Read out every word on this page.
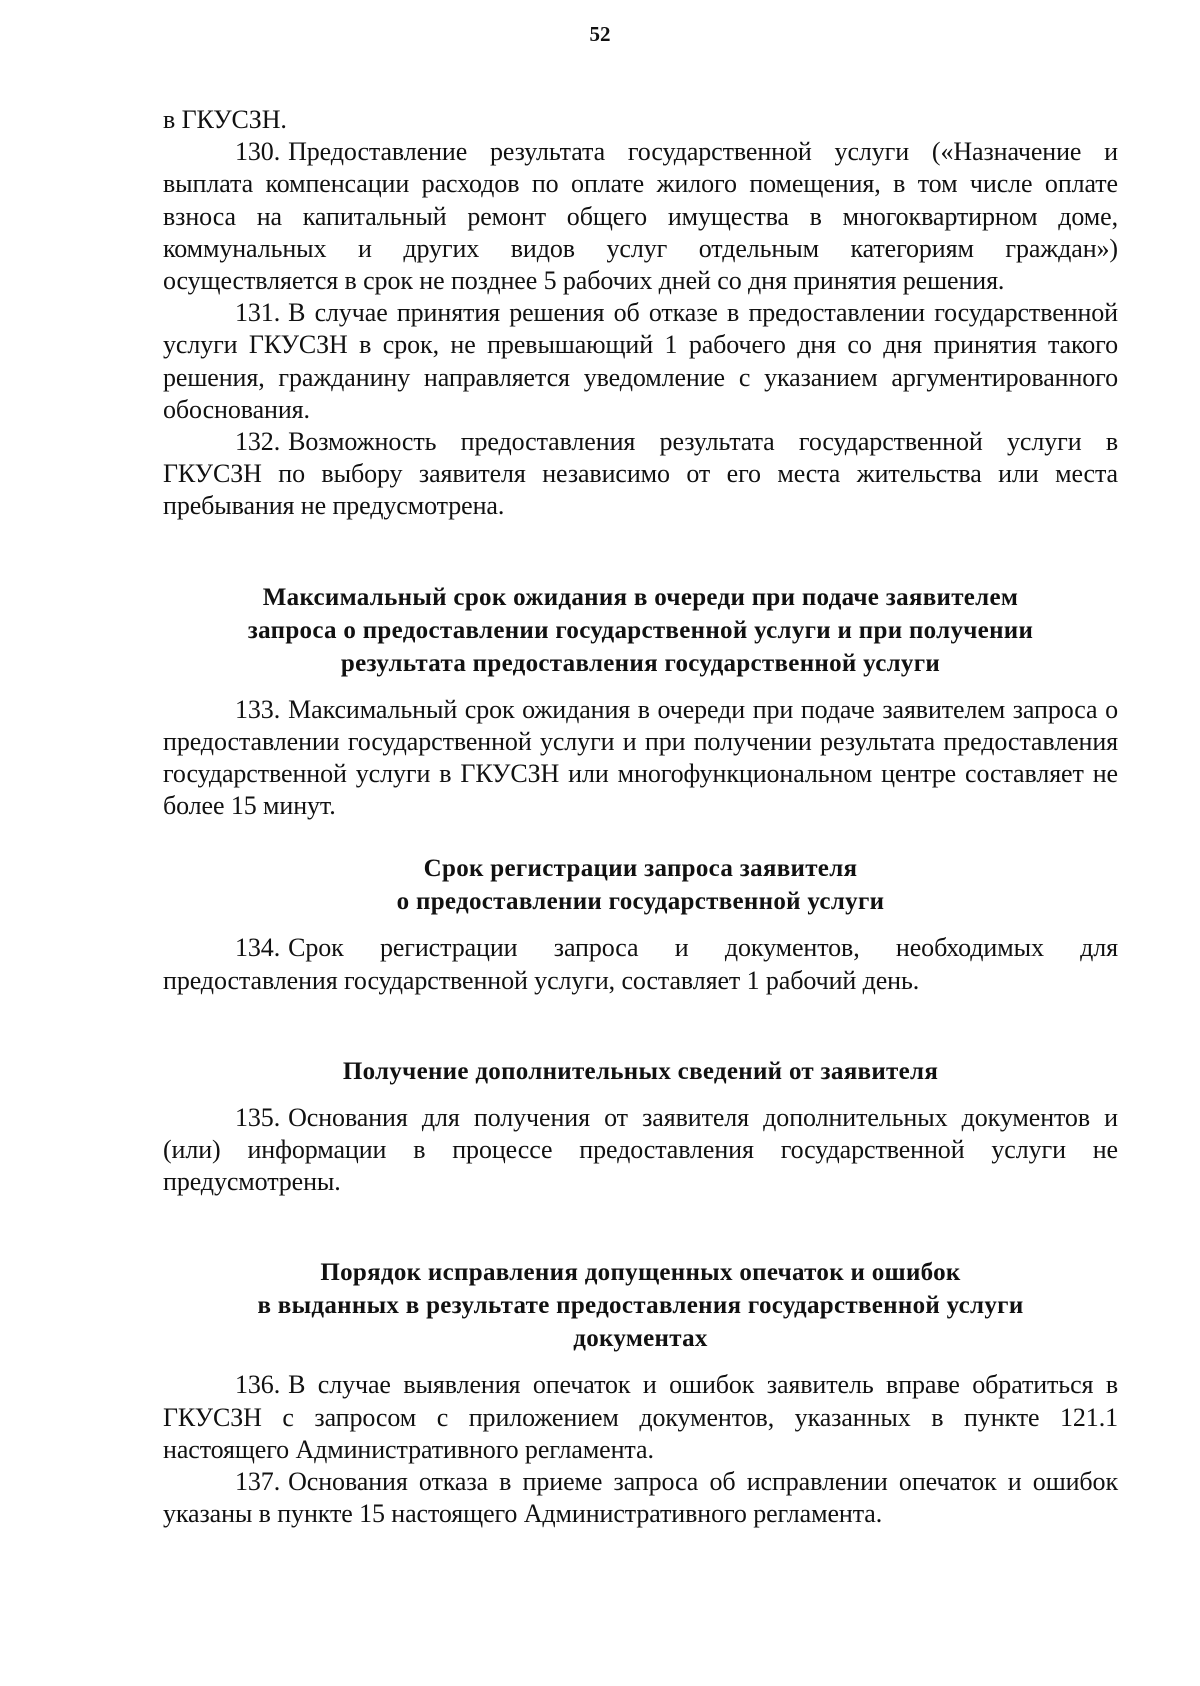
52

в ГКУСЗН.

130. Предоставление результата государственной услуги («Назначение и выплата компенсации расходов по оплате жилого помещения, в том числе оплате взноса на капитальный ремонт общего имущества в многоквартирном доме, коммунальных и других видов услуг отдельным категориям граждан») осуществляется в срок не позднее 5 рабочих дней со дня принятия решения.

131. В случае принятия решения об отказе в предоставлении государственной услуги ГКУСЗН в срок, не превышающий 1 рабочего дня со дня принятия такого решения, гражданину направляется уведомление с указанием аргументированного обоснования.

132. Возможность предоставления результата государственной услуги в ГКУСЗН по выбору заявителя независимо от его места жительства или места пребывания не предусмотрена.

Максимальный срок ожидания в очереди при подаче заявителем
запроса о предоставлении государственной услуги и при получении
результата предоставления государственной услуги

133. Максимальный срок ожидания в очереди при подаче заявителем запроса о предоставлении государственной услуги и при получении результата предоставления государственной услуги в ГКУСЗН или многофункциональном центре составляет не более 15 минут.

Срок регистрации запроса заявителя
о предоставлении государственной услуги

134. Срок регистрации запроса и документов, необходимых для предоставления государственной услуги, составляет 1 рабочий день.

Получение дополнительных сведений от заявителя

135. Основания для получения от заявителя дополнительных документов и (или) информации в процессе предоставления государственной услуги не предусмотрены.

Порядок исправления допущенных опечаток и ошибок
в выданных в результате предоставления государственной услуги
документах

136. В случае выявления опечаток и ошибок заявитель вправе обратиться в ГКУСЗН с запросом с приложением документов, указанных в пункте 121.1 настоящего Административного регламента.

137. Основания отказа в приеме запроса об исправлении опечаток и ошибок указаны в пункте 15 настоящего Административного регламента.
